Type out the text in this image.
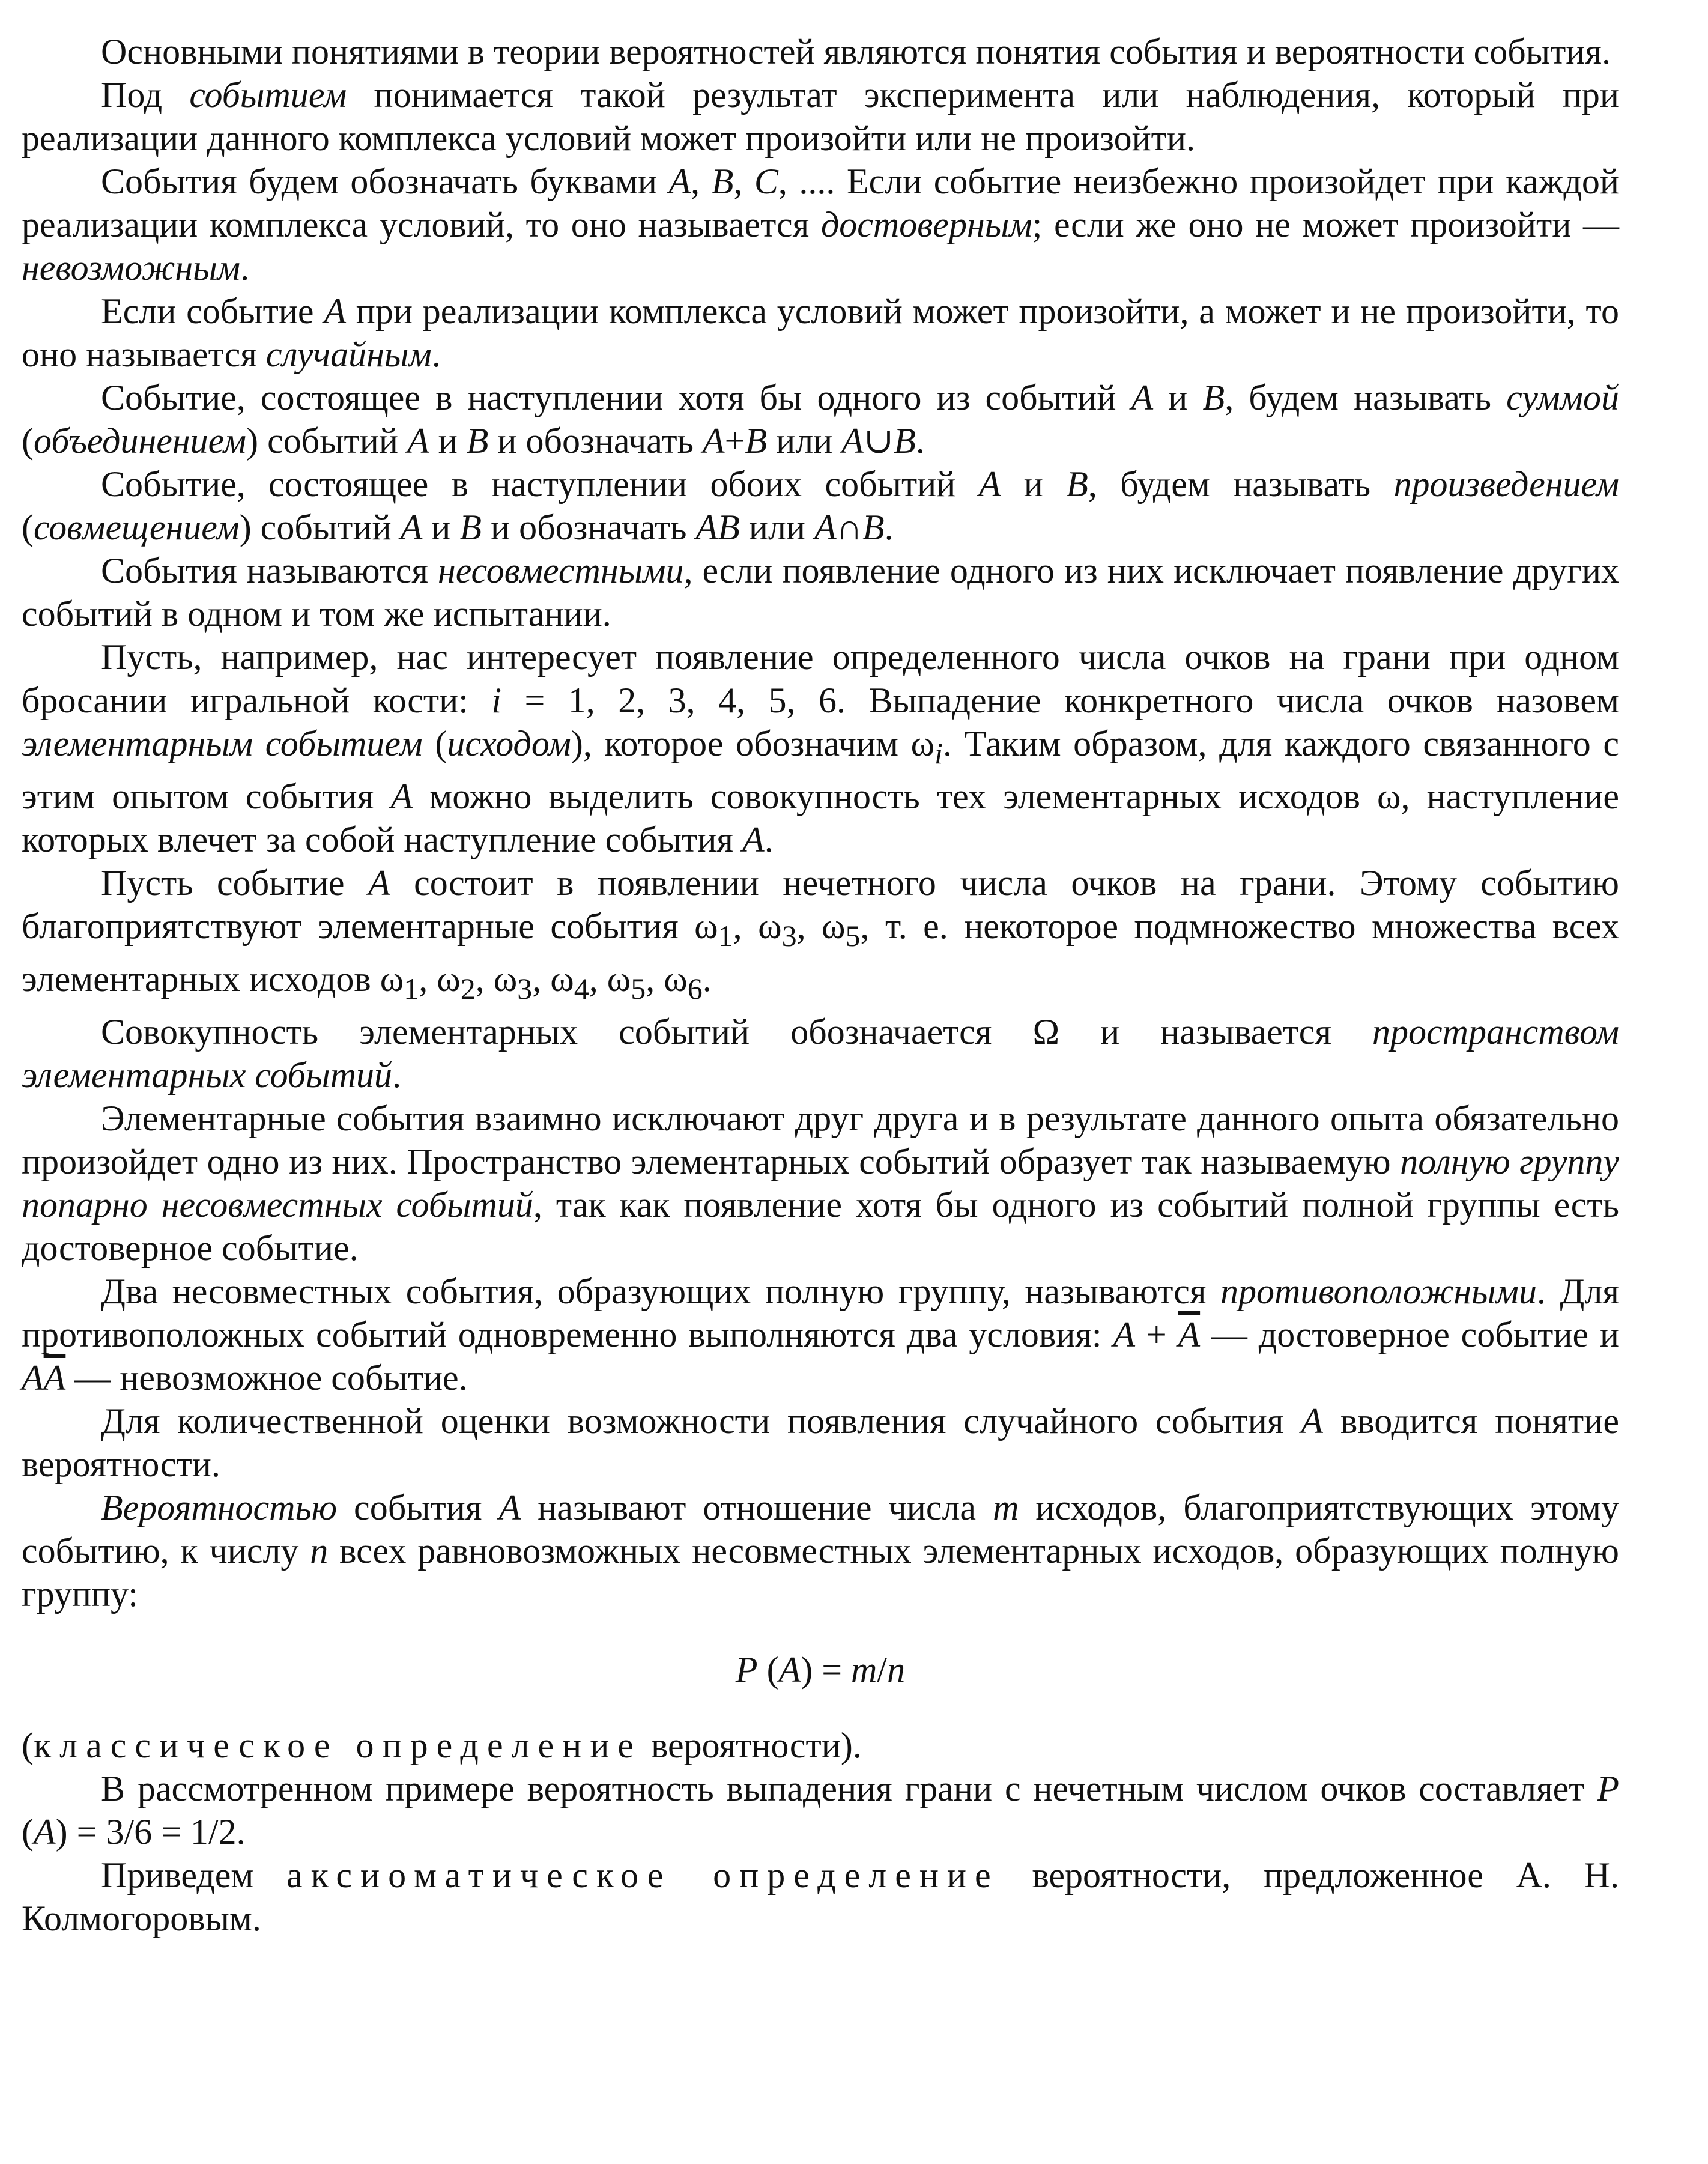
Основными понятиями в теории вероятностей являются понятия события и вероятности события.

Под событием понимается такой результат эксперимента или наблюдения, который при реализации данного комплекса условий может произойти или не произойти.

События будем обозначать буквами A, B, C, .... Если событие неизбежно произойдет при каждой реализации комплекса условий, то оно называется достоверным; если же оно не может произойти — невозможным.

Если событие A при реализации комплекса условий может произойти, а может и не произойти, то оно называется случайным.

Событие, состоящее в наступлении хотя бы одного из событий A и B, будем называть суммой (объединением) событий A и B и обозначать A+B или A∪B.

Событие, состоящее в наступлении обоих событий A и B, будем называть произведением (совмещением) событий A и B и обозначать AB или A∩B.

События называются несовместными, если появление одного из них исключает появление других событий в одном и том же испытании.

Пусть, например, нас интересует появление определенного числа очков на грани при одном бросании игральной кости: i = 1, 2, 3, 4, 5, 6. Выпадение конкретного числа очков назовем элементарным событием (исходом), которое обозначим $\omega_i$. Таким образом, для каждого связанного с этим опытом события A можно выделить совокупность тех элементарных исходов ω, наступление которых влечет за собой наступление события A.

Пусть событие A состоит в появлении нечетного числа очков на грани. Этому событию благоприятствуют элементарные события $\omega_1$, $\omega_3$, $\omega_5$, т. е. некоторое подмножество множества всех элементарных исходов $\omega_1$, $\omega_2$, $\omega_3$, $\omega_4$, $\omega_5$, $\omega_6$.

Совокупность элементарных событий обозначается Ω и называется пространством элементарных событий.

Элементарные события взаимно исключают друг друга и в результате данного опыта обязательно произойдет одно из них. Пространство элементарных событий образует так называемую полную группу попарно несовместных событий, так как появление хотя бы одного из событий полной группы есть достоверное событие.

Два несовместных события, образующих полную группу, называются противоположными. Для противоположных событий одновременно выполняются два условия: $A + \overline{A}$ — достоверное событие и $A\overline{A}$ — невозможное событие.

Для количественной оценки возможности появления случайного события A вводится понятие вероятности.

Вероятностью события A называют отношение числа m исходов, благоприятствующих этому событию, к числу n всех равновозможных несовместных элементарных исходов, образующих полную группу:

P (A) = m/n

(классическое определение вероятности).

В рассмотренном примере вероятность выпадения грани с нечетным числом очков составляет P (A) = 3/6 = 1/2.

Приведем аксиоматическое определение вероятности, предложенное А. Н. Колмогоровым.
